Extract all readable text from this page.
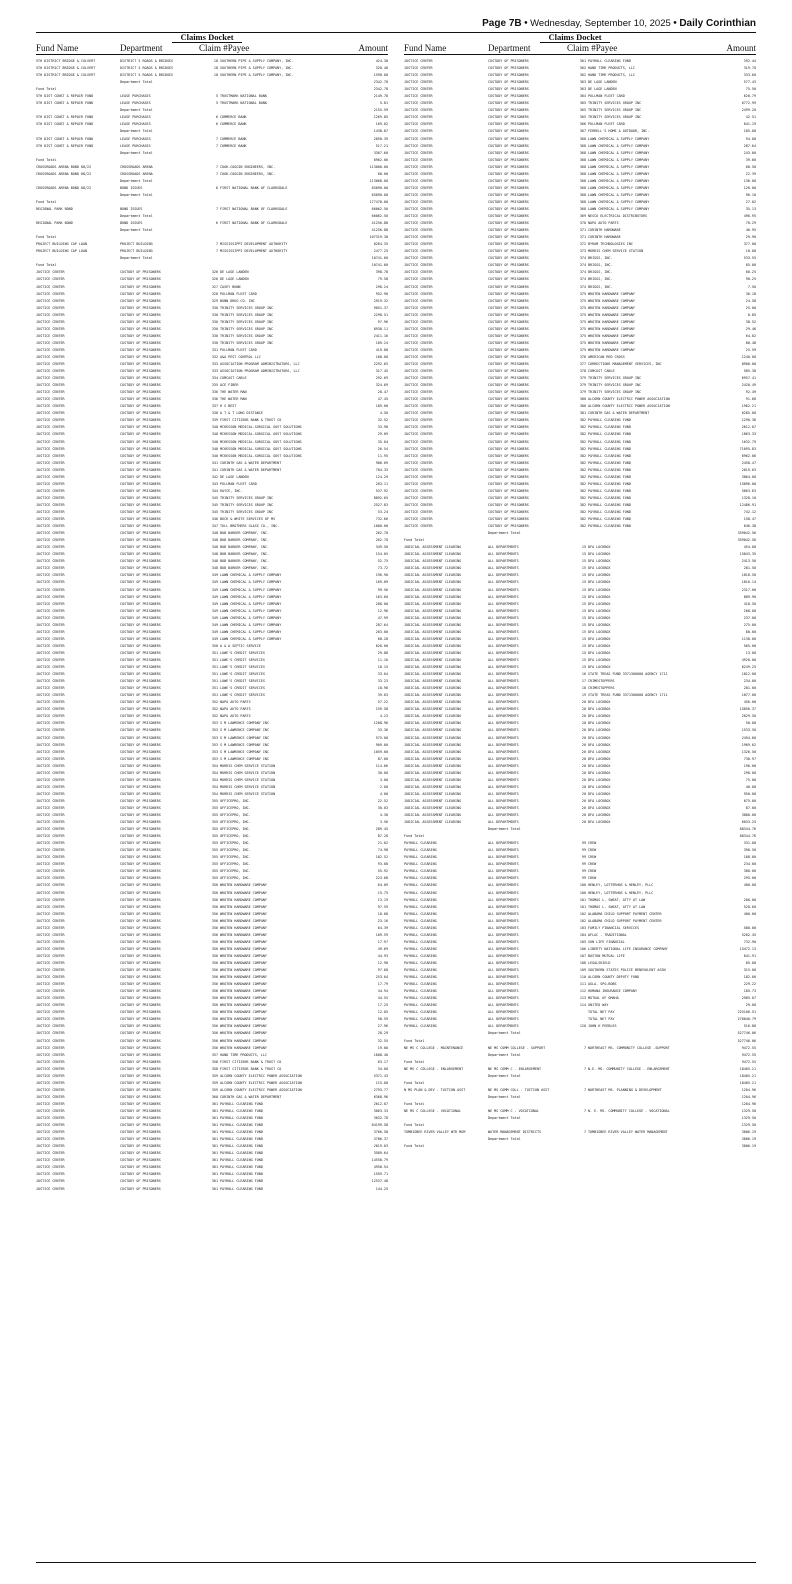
Page 7B • Wednesday, September 10, 2025 • Daily Corinthian
Claims Docket
Fund Name	Department	Claim #Payee	Amount
5TH DISTRICT BRIDGE & CULVERT	DISTRICT 5 ROADS & BRIDGES	18 SOUTHERN PIPE & SUPPLY COMPANY, INC.	424.38
5TH DISTRICT BRIDGE & CULVERT	DISTRICT 5 ROADS & BRIDGES	18 SOUTHERN PIPE & SUPPLY COMPANY, INC.	320.40
5TH DISTRICT BRIDGE & CULVERT	DISTRICT 5 ROADS & BRIDGES	18 SOUTHERN PIPE & SUPPLY COMPANY, INC.	1598.00
Department Total	2342.78
Fund Total	2342.78
5TH DIST CONST & REPAIR FUND	LEASE PURCHASES	5 TRUSTMARK NATIONAL BANK	2149.78
5TH DIST CONST & REPAIR FUND	LEASE PURCHASES	5 TRUSTMARK NATIONAL BANK	5.81
Department Total	2155.59
5TH DIST CONST & REPAIR FUND	LEASE PURCHASES	6 COMMERCE BANK	1269.85
5TH DIST CONST & REPAIR FUND	LEASE PURCHASES	6 COMMERCE BANK	169.02
Department Total	1438.87
5TH DIST CONST & REPAIR FUND	LEASE PURCHASES	7 COMMERCE BANK	2850.39
5TH DIST CONST & REPAIR FUND	LEASE PURCHASES	7 COMMERCE BANK	517.21
Department Total	3367.60
Fund Total	6962.06
CROSSROADS ARENA BOND 08/22	CROSSROADS ARENA	7 COOK-COGGIN ENGINEERS, INC.	113000.00
CROSSROADS ARENA BOND 08/22	CROSSROADS ARENA	7 COOK-COGGIN ENGINEERS, INC.	68.00
Department Total	113068.00
CROSSROADS ARENA BOND 08/22	BOND ISSUES	6 FIRST NATIONAL BANK OF CLARKSDALE	65090.00
Department Total	65090.00
Fund Total	177478.00
REGIONAL PARK BOND	BOND ISSUES	7 FIRST NATIONAL BANK OF CLARKSDALE	66062.50
Department Total	66062.50
REGIONAL PARK BOND	BOND ISSUES	6 FIRST NATIONAL BANK OF CLARKSDALE	41256.88
Department Total	41256.88
Fund Total	107319.38
PROJECT BUILDING CAP LOAN	PROJECT BUILDING	7 MISSISSIPPI DEVELOPMENT AUTHORITY	8264.35
PROJECT BUILDING CAP LOAN	PROJECT BUILDING	7 MISSISSIPPI DEVELOPMENT AUTHORITY	2477.25
Department Total	10741.60
Fund Total	10741.60
JUSTICE CENTER	CUSTODY OF PRISONERS	326 DE LAGE LANDEN	398.78
JUSTICE CENTER	CUSTODY OF PRISONERS	326 DE LAGE LANDEN	79.58
JUSTICE CENTER	CUSTODY OF PRISONERS	327 CASEY BUNN	298.24
JUSTICE CENTER	CUSTODY OF PRISONERS	328 PULLMAN FLEET CARD	952.98
JUSTICE CENTER	CUSTODY OF PRISONERS	329 BUNN DRUG CO. INC	2919.32
JUSTICE CENTER	CUSTODY OF PRISONERS	330 TRINITY SERVICES GROUP INC	9051.37
JUSTICE CENTER	CUSTODY OF PRISONERS	330 TRINITY SERVICES GROUP INC	2298.51
JUSTICE CENTER	CUSTODY OF PRISONERS	330 TRINITY SERVICES GROUP INC	97.96
JUSTICE CENTER	CUSTODY OF PRISONERS	330 TRINITY SERVICES GROUP INC	8930.11
JUSTICE CENTER	CUSTODY OF PRISONERS	330 TRINITY SERVICES GROUP INC	2411.16
JUSTICE CENTER	CUSTODY OF PRISONERS	330 TRINITY SERVICES GROUP INC	109.24
JUSTICE CENTER	CUSTODY OF PRISONERS	331 PULLMAN FLEET CARD	419.80
JUSTICE CENTER	CUSTODY OF PRISONERS	332 A&A PEST CONTROL LLC	168.00
JUSTICE CENTER	CUSTODY OF PRISONERS	333 ASSOCIATION PROGRAM ADMINISTRATORS, LLC	2292.65
JUSTICE CENTER	CUSTODY OF PRISONERS	333 ASSOCIATION PROGRAM ADMINISTRATORS, LLC	317.45
JUSTICE CENTER	CUSTODY OF PRISONERS	334 COMCAST CABLE	292.69
JUSTICE CENTER	CUSTODY OF PRISONERS	335 ACE FIBER	324.69
JUSTICE CENTER	CUSTODY OF PRISONERS	336 THE WATER MAN	28.47
JUSTICE CENTER	CUSTODY OF PRISONERS	336 THE WATER MAN	47.45
JUSTICE CENTER	CUSTODY OF PRISONERS	337 H S BEST	189.00
JUSTICE CENTER	CUSTODY OF PRISONERS	338 A T & T LONG DISTANCE	4.50
JUSTICE CENTER	CUSTODY OF PRISONERS	339 FIRST CITIZENS BANK & TRUST CO	32.52
JUSTICE CENTER	CUSTODY OF PRISONERS	340 MCKESSON MEDICAL-SURGICAL GOVT SOLUTIONS	33.98
JUSTICE CENTER	CUSTODY OF PRISONERS	340 MCKESSON MEDICAL-SURGICAL GOVT SOLUTIONS	29.09
JUSTICE CENTER	CUSTODY OF PRISONERS	340 MCKESSON MEDICAL-SURGICAL GOVT SOLUTIONS	35.04
JUSTICE CENTER	CUSTODY OF PRISONERS	340 MCKESSON MEDICAL-SURGICAL GOVT SOLUTIONS	26.54
JUSTICE CENTER	CUSTODY OF PRISONERS	340 MCKESSON MEDICAL-SURGICAL GOVT SOLUTIONS	11.95
JUSTICE CENTER	CUSTODY OF PRISONERS	341 CORINTH GAS & WATER DEPARTMENT	906.09
JUSTICE CENTER	CUSTODY OF PRISONERS	341 CORINTH GAS & WATER DEPARTMENT	704.33
JUSTICE CENTER	CUSTODY OF PRISONERS	342 DE LAGE LANDEN	124.29
JUSTICE CENTER	CUSTODY OF PRISONERS	343 PULLMAN FLEET CARD	203.11
JUSTICE CENTER	CUSTODY OF PRISONERS	344 RAYCE, INC.	537.92
JUSTICE CENTER	CUSTODY OF PRISONERS	345 TRINITY SERVICES GROUP INC	8892.65
JUSTICE CENTER	CUSTODY OF PRISONERS	345 TRINITY SERVICES GROUP INC	2527.83
JUSTICE CENTER	CUSTODY OF PRISONERS	345 TRINITY SERVICES GROUP INC	53.24
JUSTICE CENTER	CUSTODY OF PRISONERS	346 BUCK & WHITE SERVICES OF MS	732.66
JUSTICE CENTER	CUSTODY OF PRISONERS	347 TULL BROTHERS GLASS CO., INC.	1000.00
JUSTICE CENTER	CUSTODY OF PRISONERS	348 BOB BARKER COMPANY, INC.	262.70
JUSTICE CENTER	CUSTODY OF PRISONERS	348 BOB BARKER COMPANY, INC.	262.70
JUSTICE CENTER	CUSTODY OF PRISONERS	348 BOB BARKER COMPANY, INC.	349.50
JUSTICE CENTER	CUSTODY OF PRISONERS	348 BOB BARKER COMPANY, INC.	154.05
JUSTICE CENTER	CUSTODY OF PRISONERS	348 BOB BARKER COMPANY, INC.	52.75
JUSTICE CENTER	CUSTODY OF PRISONERS	348 BOB BARKER COMPANY, INC.	73.72
JUSTICE CENTER	CUSTODY OF PRISONERS	349 LAWN CHEMICAL & SUPPLY COMPANY	196.90
JUSTICE CENTER	CUSTODY OF PRISONERS	349 LAWN CHEMICAL & SUPPLY COMPANY	169.09
JUSTICE CENTER	CUSTODY OF PRISONERS	349 LAWN CHEMICAL & SUPPLY COMPANY	99.56
JUSTICE CENTER	CUSTODY OF PRISONERS	349 LAWN CHEMICAL & SUPPLY COMPANY	163.60
JUSTICE CENTER	CUSTODY OF PRISONERS	349 LAWN CHEMICAL & SUPPLY COMPANY	208.00
JUSTICE CENTER	CUSTODY OF PRISONERS	349 LAWN CHEMICAL & SUPPLY COMPANY	12.96
JUSTICE CENTER	CUSTODY OF PRISONERS	349 LAWN CHEMICAL & SUPPLY COMPANY	47.99
JUSTICE CENTER	CUSTODY OF PRISONERS	349 LAWN CHEMICAL & SUPPLY COMPANY	287.64
JUSTICE CENTER	CUSTODY OF PRISONERS	349 LAWN CHEMICAL & SUPPLY COMPANY	203.00
JUSTICE CENTER	CUSTODY OF PRISONERS	349 LAWN CHEMICAL & SUPPLY COMPANY	68.28
JUSTICE CENTER	CUSTODY OF PRISONERS	350 A & A SEPTIC SERVICE	620.00
JUSTICE CENTER	CUSTODY OF PRISONERS	351 LOWE'S CREDIT SERVICES	29.88
JUSTICE CENTER	CUSTODY OF PRISONERS	351 LOWE'S CREDIT SERVICES	11.16
JUSTICE CENTER	CUSTODY OF PRISONERS	351 LOWE'S CREDIT SERVICES	18.15
JUSTICE CENTER	CUSTODY OF PRISONERS	351 LOWE'S CREDIT SERVICES	33.04
JUSTICE CENTER	CUSTODY OF PRISONERS	351 LOWE'S CREDIT SERVICES	33.23
JUSTICE CENTER	CUSTODY OF PRISONERS	351 LOWE'S CREDIT SERVICES	18.98
JUSTICE CENTER	CUSTODY OF PRISONERS	351 LOWE'S CREDIT SERVICES	39.03
JUSTICE CENTER	CUSTODY OF PRISONERS	352 NAPA AUTO PARTS	57.22
JUSTICE CENTER	CUSTODY OF PRISONERS	352 NAPA AUTO PARTS	159.58
JUSTICE CENTER	CUSTODY OF PRISONERS	352 NAPA AUTO PARTS	4.23
JUSTICE CENTER	CUSTODY OF PRISONERS	353 S M LAWRENCE COMPANY INC	1208.96
JUSTICE CENTER	CUSTODY OF PRISONERS	353 S M LAWRENCE COMPANY INC	33.36
JUSTICE CENTER	CUSTODY OF PRISONERS	353 S M LAWRENCE COMPANY INC	575.00
JUSTICE CENTER	CUSTODY OF PRISONERS	353 S M LAWRENCE COMPANY INC	909.00
JUSTICE CENTER	CUSTODY OF PRISONERS	353 S M LAWRENCE COMPANY INC	1059.00
JUSTICE CENTER	CUSTODY OF PRISONERS	353 S M LAWRENCE COMPANY INC	87.00
JUSTICE CENTER	CUSTODY OF PRISONERS	354 MORRIS CHEM SERVICE STATION	114.66
JUSTICE CENTER	CUSTODY OF PRISONERS	354 MORRIS CHEM SERVICE STATION	30.00
JUSTICE CENTER	CUSTODY OF PRISONERS	354 MORRIS CHEM SERVICE STATION	3.00
JUSTICE CENTER	CUSTODY OF PRISONERS	354 MORRIS CHEM SERVICE STATION	2.00
JUSTICE CENTER	CUSTODY OF PRISONERS	354 MORRIS CHEM SERVICE STATION	4.00
JUSTICE CENTER	CUSTODY OF PRISONERS	355 OFFICEPRO, INC.	22.52
JUSTICE CENTER	CUSTODY OF PRISONERS	355 OFFICEPRO, INC.	30.03
JUSTICE CENTER	CUSTODY OF PRISONERS	355 OFFICEPRO, INC.	4.30
JUSTICE CENTER	CUSTODY OF PRISONERS	355 OFFICEPRO, INC.	3.56
JUSTICE CENTER	CUSTODY OF PRISONERS	355 OFFICEPRO, INC.	289.45
JUSTICE CENTER	CUSTODY OF PRISONERS	355 OFFICEPRO, INC.	87.28
JUSTICE CENTER	CUSTODY OF PRISONERS	355 OFFICEPRO, INC.	21.02
JUSTICE CENTER	CUSTODY OF PRISONERS	355 OFFICEPRO, INC.	74.98
JUSTICE CENTER	CUSTODY OF PRISONERS	355 OFFICEPRO, INC.	102.52
JUSTICE CENTER	CUSTODY OF PRISONERS	355 OFFICEPRO, INC.	93.08
JUSTICE CENTER	CUSTODY OF PRISONERS	355 OFFICEPRO, INC.	55.92
JUSTICE CENTER	CUSTODY OF PRISONERS	355 OFFICEPRO, INC.	223.68
JUSTICE CENTER	CUSTODY OF PRISONERS	356 WROTEN HARDWARE COMPANY	64.09
JUSTICE CENTER	CUSTODY OF PRISONERS	356 WROTEN HARDWARE COMPANY	15.75
JUSTICE CENTER	CUSTODY OF PRISONERS	356 WROTEN HARDWARE COMPANY	13.19
JUSTICE CENTER	CUSTODY OF PRISONERS	356 WROTEN HARDWARE COMPANY	97.59
JUSTICE CENTER	CUSTODY OF PRISONERS	356 WROTEN HARDWARE COMPANY	10.68
JUSTICE CENTER	CUSTODY OF PRISONERS	356 WROTEN HARDWARE COMPANY	23.16
JUSTICE CENTER	CUSTODY OF PRISONERS	356 WROTEN HARDWARE COMPANY	64.39
JUSTICE CENTER	CUSTODY OF PRISONERS	356 WROTEN HARDWARE COMPANY	109.59
JUSTICE CENTER	CUSTODY OF PRISONERS	356 WROTEN HARDWARE COMPANY	17.97
JUSTICE CENTER	CUSTODY OF PRISONERS	356 WROTEN HARDWARE COMPANY	49.69
JUSTICE CENTER	CUSTODY OF PRISONERS	356 WROTEN HARDWARE COMPANY	44.93
JUSTICE CENTER	CUSTODY OF PRISONERS	356 WROTEN HARDWARE COMPANY	12.98
JUSTICE CENTER	CUSTODY OF PRISONERS	356 WROTEN HARDWARE COMPANY	97.68
JUSTICE CENTER	CUSTODY OF PRISONERS	356 WROTEN HARDWARE COMPANY	253.04
JUSTICE CENTER	CUSTODY OF PRISONERS	356 WROTEN HARDWARE COMPANY	17.79
JUSTICE CENTER	CUSTODY OF PRISONERS	356 WROTEN HARDWARE COMPANY	44.94
JUSTICE CENTER	CUSTODY OF PRISONERS	356 WROTEN HARDWARE COMPANY	44.55
JUSTICE CENTER	CUSTODY OF PRISONERS	356 WROTEN HARDWARE COMPANY	17.25
JUSTICE CENTER	CUSTODY OF PRISONERS	356 WROTEN HARDWARE COMPANY	12.05
JUSTICE CENTER	CUSTODY OF PRISONERS	356 WROTEN HARDWARE COMPANY	58.59
JUSTICE CENTER	CUSTODY OF PRISONERS	356 WROTEN HARDWARE COMPANY	27.96
JUSTICE CENTER	CUSTODY OF PRISONERS	356 WROTEN HARDWARE COMPANY	28.29
JUSTICE CENTER	CUSTODY OF PRISONERS	356 WROTEN HARDWARE COMPANY	32.55
JUSTICE CENTER	CUSTODY OF PRISONERS	356 WROTEN HARDWARE COMPANY	19.00
JUSTICE CENTER	CUSTODY OF PRISONERS	357 HAND TIME PRODUCTS, LLC	1608.40
JUSTICE CENTER	CUSTODY OF PRISONERS	358 FIRST CITIZENS BANK & TRUST CO	63.17
JUSTICE CENTER	CUSTODY OF PRISONERS	358 FIRST CITIZENS BANK & TRUST CO	34.00
JUSTICE CENTER	CUSTODY OF PRISONERS	359 ALCORN COUNTY ELECTRIC POWER ASSOCIATION	5371.43
JUSTICE CENTER	CUSTODY OF PRISONERS	359 ALCORN COUNTY ELECTRIC POWER ASSOCIATION	115.00
JUSTICE CENTER	CUSTODY OF PRISONERS	359 ALCORN COUNTY ELECTRIC POWER ASSOCIATION	2793.77
JUSTICE CENTER	CUSTODY OF PRISONERS	360 CORINTH GAS & WATER DEPARTMENT	6360.96
JUSTICE CENTER	CUSTODY OF PRISONERS	361 PAYROLL CLEARING FUND	2612.07
JUSTICE CENTER	CUSTODY OF PRISONERS	361 PAYROLL CLEARING FUND	3063.33
JUSTICE CENTER	CUSTODY OF PRISONERS	361 PAYROLL CLEARING FUND	3632.78
JUSTICE CENTER	CUSTODY OF PRISONERS	361 PAYROLL CLEARING FUND	64199.58
JUSTICE CENTER	CUSTODY OF PRISONERS	361 PAYROLL CLEARING FUND	3766.58
JUSTICE CENTER	CUSTODY OF PRISONERS	361 PAYROLL CLEARING FUND	3786.37
JUSTICE CENTER	CUSTODY OF PRISONERS	361 PAYROLL CLEARING FUND	2019.03
JUSTICE CENTER	CUSTODY OF PRISONERS	361 PAYROLL CLEARING FUND	3589.64
JUSTICE CENTER	CUSTODY OF PRISONERS	361 PAYROLL CLEARING FUND	14558.79
JUSTICE CENTER	CUSTODY OF PRISONERS	361 PAYROLL CLEARING FUND	4958.54
JUSTICE CENTER	CUSTODY OF PRISONERS	361 PAYROLL CLEARING FUND	1559.71
JUSTICE CENTER	CUSTODY OF PRISONERS	361 PAYROLL CLEARING FUND	12537.48
JUSTICE CENTER	CUSTODY OF PRISONERS	361 PAYROLL CLEARING FUND	144.25
Claims Docket
Fund Name	Department	Claim #Payee	Amount
JUSTICE CENTER	CUSTODY OF PRISONERS	361 PAYROLL CLEARING FUND	392.44
JUSTICE CENTER	CUSTODY OF PRISONERS	362 HAND TIME PRODUCTS, LLC	319.70
JUSTICE CENTER	CUSTODY OF PRISONERS	362 HAND TIME PRODUCTS, LLC	333.60
JUSTICE CENTER	CUSTODY OF PRISONERS	363 DE LAGE LANDEN	577.43
JUSTICE CENTER	CUSTODY OF PRISONERS	363 DE LAGE LANDEN	75.50
JUSTICE CENTER	CUSTODY OF PRISONERS	364 PULLMAN FLEET CARD	620.79
JUSTICE CENTER	CUSTODY OF PRISONERS	365 TRINITY SERVICES GROUP INC	6772.99
JUSTICE CENTER	CUSTODY OF PRISONERS	365 TRINITY SERVICES GROUP INC	2499.20
JUSTICE CENTER	CUSTODY OF PRISONERS	365 TRINITY SERVICES GROUP INC	42.51
JUSTICE CENTER	CUSTODY OF PRISONERS	366 PULLMAN FLEET CARD	641.19
JUSTICE CENTER	CUSTODY OF PRISONERS	367 FERRELL'S HOME & OUTDOOR, INC.	105.00
JUSTICE CENTER	CUSTODY OF PRISONERS	368 LAWN CHEMICAL & SUPPLY COMPANY	94.00
JUSTICE CENTER	CUSTODY OF PRISONERS	368 LAWN CHEMICAL & SUPPLY COMPANY	287.64
JUSTICE CENTER	CUSTODY OF PRISONERS	368 LAWN CHEMICAL & SUPPLY COMPANY	243.00
JUSTICE CENTER	CUSTODY OF PRISONERS	368 LAWN CHEMICAL & SUPPLY COMPANY	39.60
JUSTICE CENTER	CUSTODY OF PRISONERS	368 LAWN CHEMICAL & SUPPLY COMPANY	68.50
JUSTICE CENTER	CUSTODY OF PRISONERS	368 LAWN CHEMICAL & SUPPLY COMPANY	22.39
JUSTICE CENTER	CUSTODY OF PRISONERS	368 LAWN CHEMICAL & SUPPLY COMPANY	136.00
JUSTICE CENTER	CUSTODY OF PRISONERS	368 LAWN CHEMICAL & SUPPLY COMPANY	126.00
JUSTICE CENTER	CUSTODY OF PRISONERS	368 LAWN CHEMICAL & SUPPLY COMPANY	96.10
JUSTICE CENTER	CUSTODY OF PRISONERS	368 LAWN CHEMICAL & SUPPLY COMPANY	27.02
JUSTICE CENTER	CUSTODY OF PRISONERS	368 LAWN CHEMICAL & SUPPLY COMPANY	35.13
JUSTICE CENTER	CUSTODY OF PRISONERS	369 NESCO ELECTRICAL DISTRIBUTORS	496.95
JUSTICE CENTER	CUSTODY OF PRISONERS	370 NAPA AUTO PARTS	70.29
JUSTICE CENTER	CUSTODY OF PRISONERS	371 CORINTH HARDWARE	46.95
JUSTICE CENTER	CUSTODY OF PRISONERS	371 CORINTH HARDWARE	29.90
JUSTICE CENTER	CUSTODY OF PRISONERS	372 BYRAM TECHNOLOGIES INC	377.00
JUSTICE CENTER	CUSTODY OF PRISONERS	373 MORRIS CHEM SERVICE STATION	10.00
JUSTICE CENTER	CUSTODY OF PRISONERS	374 BRIGGS, INC.	533.55
JUSTICE CENTER	CUSTODY OF PRISONERS	374 BRIGGS, INC.	65.00
JUSTICE CENTER	CUSTODY OF PRISONERS	374 BRIGGS, INC.	60.25
JUSTICE CENTER	CUSTODY OF PRISONERS	374 BRIGGS, INC.	90.25
JUSTICE CENTER	CUSTODY OF PRISONERS	374 BRIGGS, INC.	7.50
JUSTICE CENTER	CUSTODY OF PRISONERS	375 WROTEN HARDWARE COMPANY	36.18
JUSTICE CENTER	CUSTODY OF PRISONERS	375 WROTEN HARDWARE COMPANY	24.58
JUSTICE CENTER	CUSTODY OF PRISONERS	375 WROTEN HARDWARE COMPANY	25.00
JUSTICE CENTER	CUSTODY OF PRISONERS	375 WROTEN HARDWARE COMPANY	8.85
JUSTICE CENTER	CUSTODY OF PRISONERS	375 WROTEN HARDWARE COMPANY	38.52
JUSTICE CENTER	CUSTODY OF PRISONERS	375 WROTEN HARDWARE COMPANY	29.46
JUSTICE CENTER	CUSTODY OF PRISONERS	375 WROTEN HARDWARE COMPANY	64.02
JUSTICE CENTER	CUSTODY OF PRISONERS	375 WROTEN HARDWARE COMPANY	80.48
JUSTICE CENTER	CUSTODY OF PRISONERS	375 WROTEN HARDWARE COMPANY	25.59
JUSTICE CENTER	CUSTODY OF PRISONERS	376 AMERICAN RED CROSS	1240.00
JUSTICE CENTER	CUSTODY OF PRISONERS	377 CORRECTIONS MANAGEMENT SERVICES, INC	8900.00
JUSTICE CENTER	CUSTODY OF PRISONERS	378 COMCAST CABLE	585.38
JUSTICE CENTER	CUSTODY OF PRISONERS	379 TRINITY SERVICES GROUP INC	6957.41
JUSTICE CENTER	CUSTODY OF PRISONERS	379 TRINITY SERVICES GROUP INC	2420.49
JUSTICE CENTER	CUSTODY OF PRISONERS	379 TRINITY SERVICES GROUP INC	92.49
JUSTICE CENTER	CUSTODY OF PRISONERS	380 ALCORN COUNTY ELECTRIC POWER ASSOCIATION	91.68
JUSTICE CENTER	CUSTODY OF PRISONERS	380 ALCORN COUNTY ELECTRIC POWER ASSOCIATION	1962.21
JUSTICE CENTER	CUSTODY OF PRISONERS	381 CORINTH GAS & WATER DEPARTMENT	6285.00
JUSTICE CENTER	CUSTODY OF PRISONERS	382 PAYROLL CLEARING FUND	1290.36
JUSTICE CENTER	CUSTODY OF PRISONERS	382 PAYROLL CLEARING FUND	2612.07
JUSTICE CENTER	CUSTODY OF PRISONERS	382 PAYROLL CLEARING FUND	1863.33
JUSTICE CENTER	CUSTODY OF PRISONERS	382 PAYROLL CLEARING FUND	1632.79
JUSTICE CENTER	CUSTODY OF PRISONERS	382 PAYROLL CLEARING FUND	71095.83
JUSTICE CENTER	CUSTODY OF PRISONERS	382 PAYROLL CLEARING FUND	6962.06
JUSTICE CENTER	CUSTODY OF PRISONERS	382 PAYROLL CLEARING FUND	2458.47
JUSTICE CENTER	CUSTODY OF PRISONERS	382 PAYROLL CLEARING FUND	2019.03
JUSTICE CENTER	CUSTODY OF PRISONERS	382 PAYROLL CLEARING FUND	3864.00
JUSTICE CENTER	CUSTODY OF PRISONERS	382 PAYROLL CLEARING FUND	15896.00
JUSTICE CENTER	CUSTODY OF PRISONERS	382 PAYROLL CLEARING FUND	5663.63
JUSTICE CENTER	CUSTODY OF PRISONERS	382 PAYROLL CLEARING FUND	1328.10
JUSTICE CENTER	CUSTODY OF PRISONERS	382 PAYROLL CLEARING FUND	12486.91
JUSTICE CENTER	CUSTODY OF PRISONERS	382 PAYROLL CLEARING FUND	742.12
JUSTICE CENTER	CUSTODY OF PRISONERS	382 PAYROLL CLEARING FUND	158.47
JUSTICE CENTER	CUSTODY OF PRISONERS	382 PAYROLL CLEARING FUND	646.38
Department Total	359042.56
Fund Total	359042.56
JUDICIAL ASSESSMENT CLEARING	ALL DEPARTMENTS	15 DFA LOCKBOX	454.00
JUDICIAL ASSESSMENT CLEARING	ALL DEPARTMENTS	15 DFA LOCKBOX	15843.35
JUDICIAL ASSESSMENT CLEARING	ALL DEPARTMENTS	15 DFA LOCKBOX	2413.50
JUDICIAL ASSESSMENT CLEARING	ALL DEPARTMENTS	15 DFA LOCKBOX	281.50
JUDICIAL ASSESSMENT CLEARING	ALL DEPARTMENTS	15 DFA LOCKBOX	1818.50
JUDICIAL ASSESSMENT CLEARING	ALL DEPARTMENTS	15 DFA LOCKBOX	1816.14
JUDICIAL ASSESSMENT CLEARING	ALL DEPARTMENTS	15 DFA LOCKBOX	2317.00
JUDICIAL ASSESSMENT CLEARING	ALL DEPARTMENTS	15 DFA LOCKBOX	889.90
JUDICIAL ASSESSMENT CLEARING	ALL DEPARTMENTS	15 DFA LOCKBOX	418.50
JUDICIAL ASSESSMENT CLEARING	ALL DEPARTMENTS	15 DFA LOCKBOX	268.00
JUDICIAL ASSESSMENT CLEARING	ALL DEPARTMENTS	15 DFA LOCKBOX	237.00
JUDICIAL ASSESSMENT CLEARING	ALL DEPARTMENTS	15 DFA LOCKBOX	275.00
JUDICIAL ASSESSMENT CLEARING	ALL DEPARTMENTS	15 DFA LOCKBOX	80.00
JUDICIAL ASSESSMENT CLEARING	ALL DEPARTMENTS	15 DFA LOCKBOX	1130.00
JUDICIAL ASSESSMENT CLEARING	ALL DEPARTMENTS	15 DFA LOCKBOX	565.00
JUDICIAL ASSESSMENT CLEARING	ALL DEPARTMENTS	15 DFA LOCKBOX	13.00
JUDICIAL ASSESSMENT CLEARING	ALL DEPARTMENTS	15 DFA LOCKBOX	4920.00
JUDICIAL ASSESSMENT CLEARING	ALL DEPARTMENTS	15 DFA LOCKBOX	6249.25
JUDICIAL ASSESSMENT CLEARING	ALL DEPARTMENTS	16 STATE TREAS FUND 3371300000 AGENCY 1711	1812.00
JUDICIAL ASSESSMENT CLEARING	ALL DEPARTMENTS	17 CRIMESTOPPERS	234.00
JUDICIAL ASSESSMENT CLEARING	ALL DEPARTMENTS	18 CRIMESTOPPERS	281.00
JUDICIAL ASSESSMENT CLEARING	ALL DEPARTMENTS	19 STATE TREAS FUND 3371300000 AGENCY 1711	1877.00
JUDICIAL ASSESSMENT CLEARING	ALL DEPARTMENTS	20 DFA LOCKBOX	456.00
JUDICIAL ASSESSMENT CLEARING	ALL DEPARTMENTS	20 DFA LOCKBOX	15856.37
JUDICIAL ASSESSMENT CLEARING	ALL DEPARTMENTS	20 DFA LOCKBOX	2029.50
JUDICIAL ASSESSMENT CLEARING	ALL DEPARTMENTS	20 DFA LOCKBOX	50.00
JUDICIAL ASSESSMENT CLEARING	ALL DEPARTMENTS	20 DFA LOCKBOX	1533.50
JUDICIAL ASSESSMENT CLEARING	ALL DEPARTMENTS	20 DFA LOCKBOX	2494.60
JUDICIAL ASSESSMENT CLEARING	ALL DEPARTMENTS	20 DFA LOCKBOX	1969.62
JUDICIAL ASSESSMENT CLEARING	ALL DEPARTMENTS	20 DFA LOCKBOX	1326.50
JUDICIAL ASSESSMENT CLEARING	ALL DEPARTMENTS	20 DFA LOCKBOX	730.97
JUDICIAL ASSESSMENT CLEARING	ALL DEPARTMENTS	20 DFA LOCKBOX	196.00
JUDICIAL ASSESSMENT CLEARING	ALL DEPARTMENTS	20 DFA LOCKBOX	298.00
JUDICIAL ASSESSMENT CLEARING	ALL DEPARTMENTS	20 DFA LOCKBOX	75.00
JUDICIAL ASSESSMENT CLEARING	ALL DEPARTMENTS	20 DFA LOCKBOX	40.00
JUDICIAL ASSESSMENT CLEARING	ALL DEPARTMENTS	20 DFA LOCKBOX	950.00
JUDICIAL ASSESSMENT CLEARING	ALL DEPARTMENTS	20 DFA LOCKBOX	675.00
JUDICIAL ASSESSMENT CLEARING	ALL DEPARTMENTS	20 DFA LOCKBOX	87.00
JUDICIAL ASSESSMENT CLEARING	ALL DEPARTMENTS	20 DFA LOCKBOX	3800.00
JUDICIAL ASSESSMENT CLEARING	ALL DEPARTMENTS	20 DFA LOCKBOX	6033.25
Department Total	88344.76
Fund Total	88344.76
PAYROLL CLEARING	ALL DEPARTMENTS	99 CREW	331.00
PAYROLL CLEARING	ALL DEPARTMENTS	99 CREW	390.50
PAYROLL CLEARING	ALL DEPARTMENTS	99 CREW	108.00
PAYROLL CLEARING	ALL DEPARTMENTS	99 CREW	234.00
PAYROLL CLEARING	ALL DEPARTMENTS	99 CREW	300.00
PAYROLL CLEARING	ALL DEPARTMENTS	99 CREW	295.00
PAYROLL CLEARING	ALL DEPARTMENTS	100 HENLEY, LOTTERHOS & HENLEY, PLLC	400.00
PAYROLL CLEARING	ALL DEPARTMENTS	100 HENLEY, LOTTERHOS & HENLEY, PLLC
PAYROLL CLEARING	ALL DEPARTMENTS	101 THOMAS L. SWEAT, ATTY AT LAW	200.00
PAYROLL CLEARING	ALL DEPARTMENTS	101 THOMAS L. SWEAT, ATTY AT LAW	520.60
PAYROLL CLEARING	ALL DEPARTMENTS	102 ALABAMA CHILD SUPPORT PAYMENT CENTER	400.00
PAYROLL CLEARING	ALL DEPARTMENTS	102 ALABAMA CHILD SUPPORT PAYMENT CENTER
PAYROLL CLEARING	ALL DEPARTMENTS	103 FAMILY FINANCIAL SERVICES	580.00
PAYROLL CLEARING	ALL DEPARTMENTS	104 AFLAC - TRADITIONAL	5202.45
PAYROLL CLEARING	ALL DEPARTMENTS	105 SUN LIFE FINANCIAL	732.90
PAYROLL CLEARING	ALL DEPARTMENTS	106 LIBERTY NATIONAL LIFE INSURANCE COMPANY	15472.13
PAYROLL CLEARING	ALL DEPARTMENTS	107 BOSTON MUTUAL LIFE	641.91
PAYROLL CLEARING	ALL DEPARTMENTS	108 LEGALSHIELD	85.00
PAYROLL CLEARING	ALL DEPARTMENTS	109 SOUTHERN STATES POLICE BENEVOLENT ASSN	315.00
PAYROLL CLEARING	ALL DEPARTMENTS	110 ALCORN COUNTY DEPUTY FUND	182.00
PAYROLL CLEARING	ALL DEPARTMENTS	111 AGLA- SPO-BOBS	229.22
PAYROLL CLEARING	ALL DEPARTMENTS	112 HUMANA INSURANCE COMPANY	185.73
PAYROLL CLEARING	ALL DEPARTMENTS	113 MUTUAL OF OMAHA	2985.07
PAYROLL CLEARING	ALL DEPARTMENTS	114 UNITED WAY	29.00
PAYROLL CLEARING	ALL DEPARTMENTS	TOTAL NET PAY	225106.51
PAYROLL CLEARING	ALL DEPARTMENTS	TOTAL NET PAY	276040.79
PAYROLL CLEARING	ALL DEPARTMENTS	120 JOHN H PEEBLES	516.80
Department Total	527746.06
Fund Total	527746.06
NE MS C COLLEGE - MAINTENANCE	NE MS COMM COLLEGE - SUPPORT	7 NORTHEAST MS. COMMUNITY COLLEGE -SUPPORT	9472.55
Department Total	9472.55
Fund Total	9472.55
NE MS C COLLEGE - ENLARGEMENT	NE MS COMM C - ENLARGEMENT	7 N.E. MS. COMMUNITY COLLEGE - ENLARGEMENT	18405.21
Department Total	18405.21
Fund Total	18405.21
N MS PLAN & DEV - TUITION ASST	NE MS COMM COLL - TUITION ASST	7 NORTHEAST MS. PLANNING & DEVELOPMENT	1204.96
Department Total	1204.96
Fund Total	1204.96
NE MS C COLLEGE - VOCATIONAL	NE MS COMM C - VOCATIONAL	7 N. E. MS. COMMUNITY COLLEGE - VOCATIONAL	1329.50
Department Total	1329.50
Fund Total	1329.50
TOMBIGBEE RIVER VALLEY WTR MGM	WATER MANAGEMENT DISTRICTS	7 TOMBIGBEE RIVER VALLEY WATER MANAGEMENT	3806.19
Department Total	3806.19
Fund Total	3806.19
